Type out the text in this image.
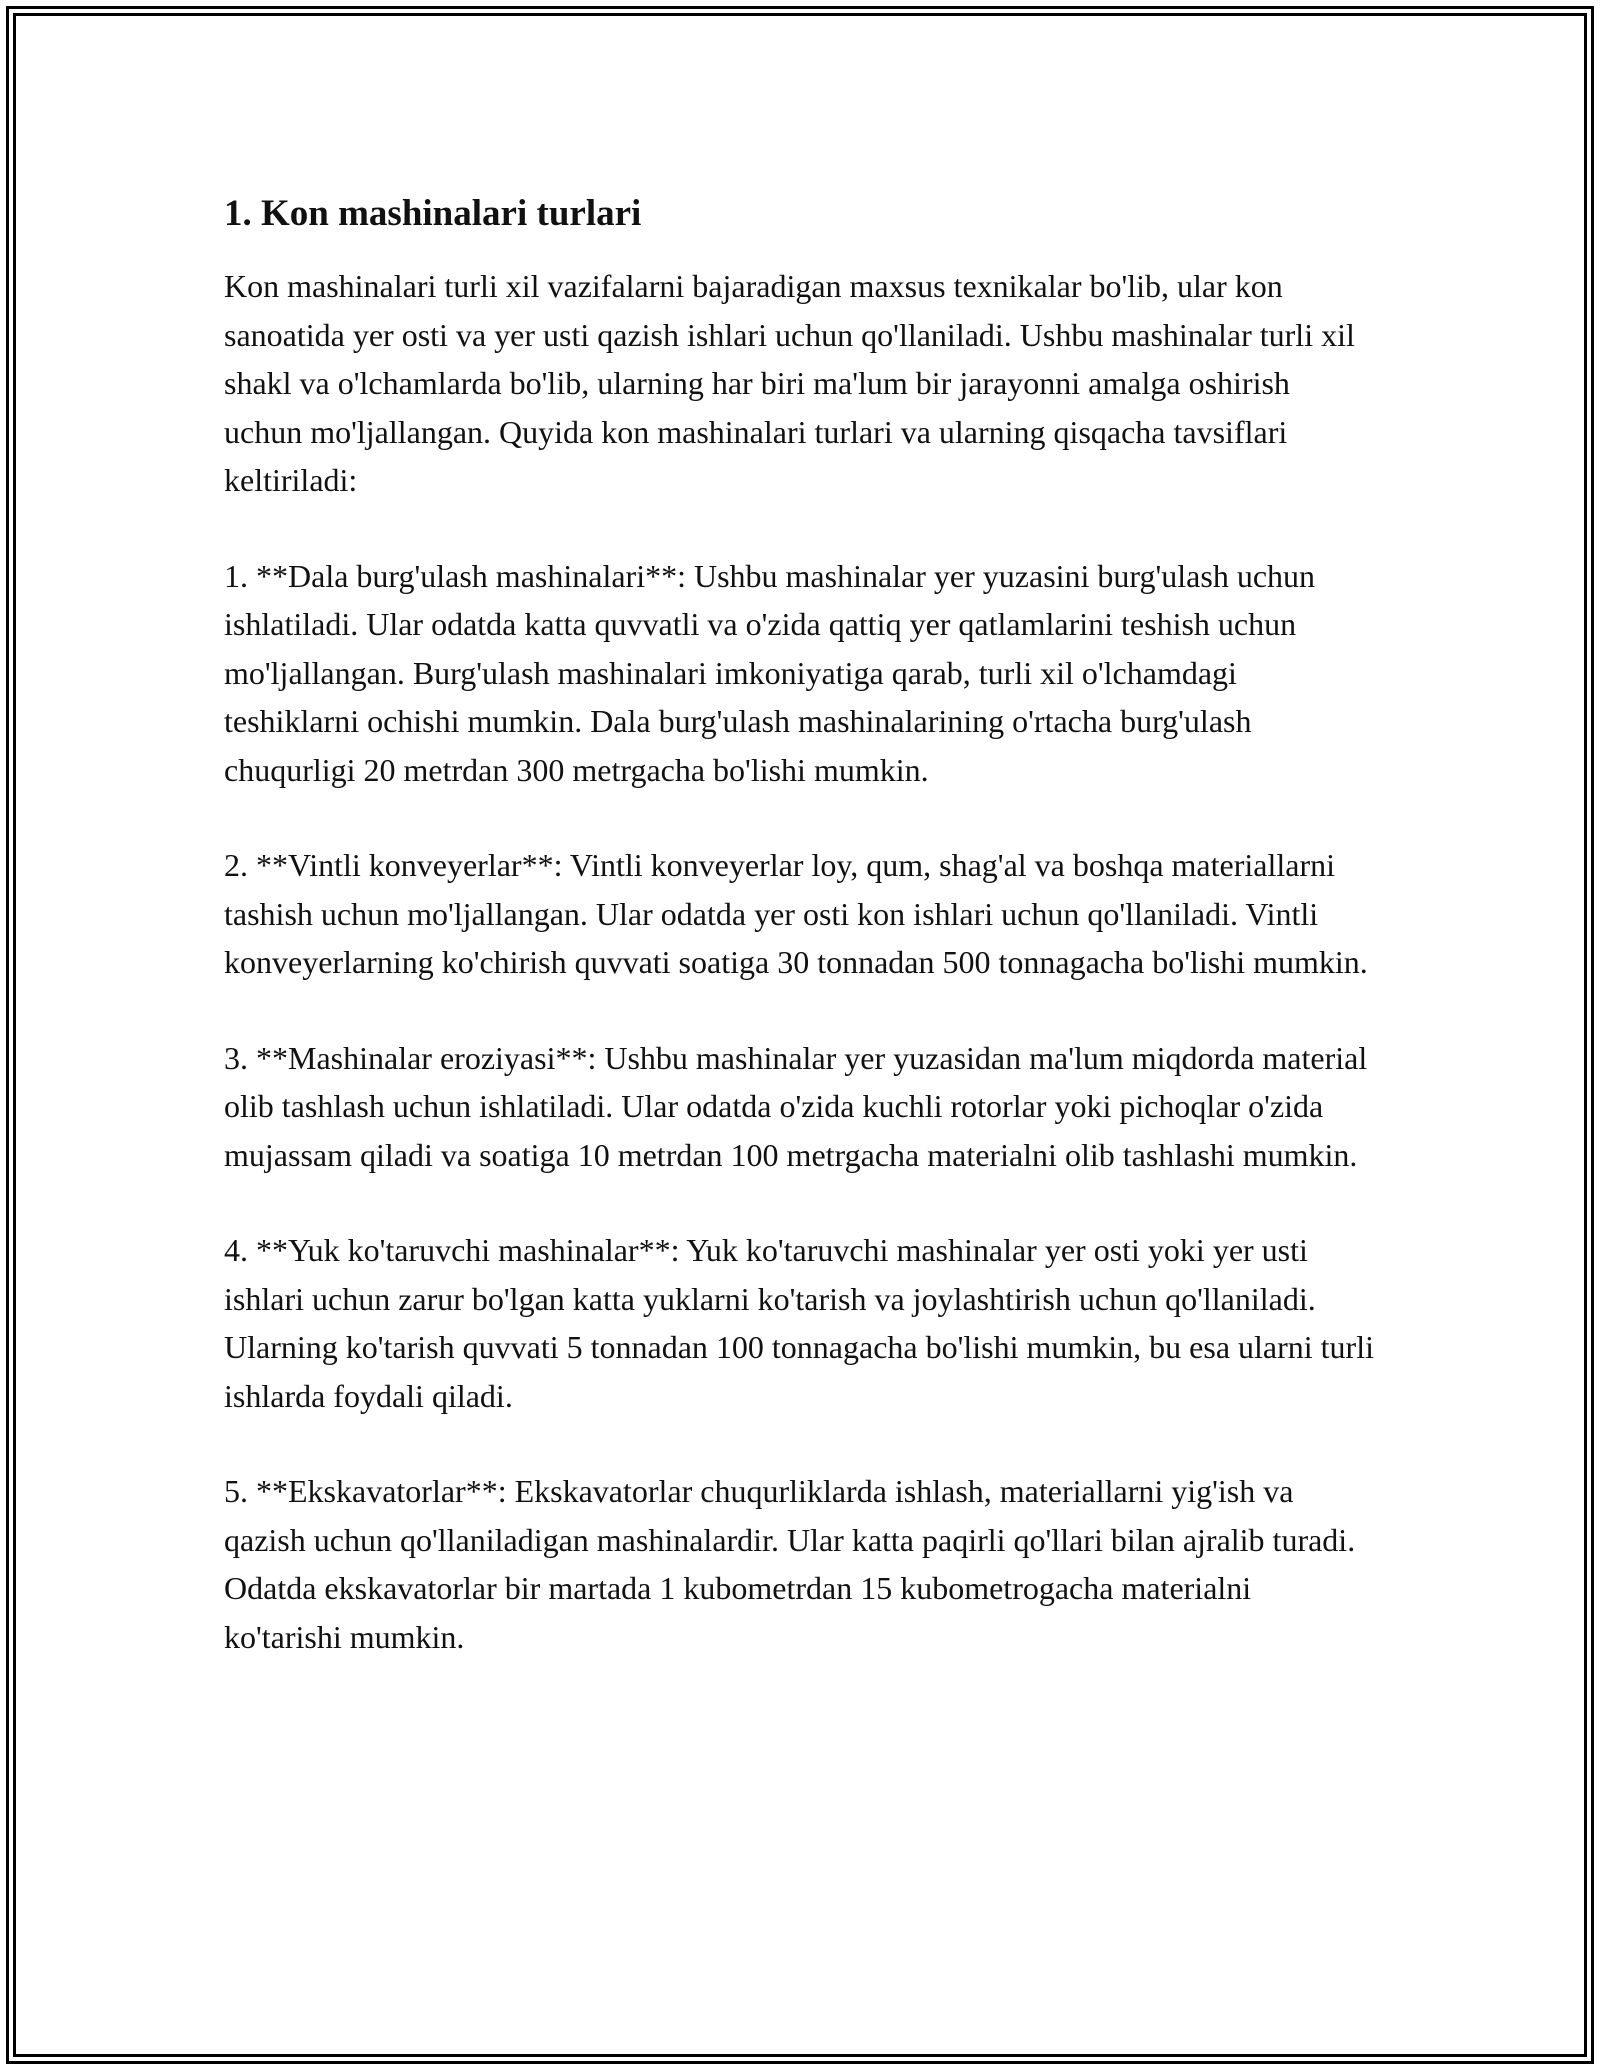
1. Kon mashinalari turlari

Kon mashinalari turli xil vazifalarni bajaradigan maxsus texnikalar bo'lib, ular kon sanoatida yer osti va yer usti qazish ishlari uchun qo'llaniladi. Ushbu mashinalar turli xil shakl va o'lchamlarda bo'lib, ularning har biri ma'lum bir jarayonni amalga oshirish uchun mo'ljallangan. Quyida kon mashinalari turlari va ularning qisqacha tavsiflari keltiriladi:

1. **Dala burg'ulash mashinalari**: Ushbu mashinalar yer yuzasini burg'ulash uchun ishlatiladi. Ular odatda katta quvvatli va o'zida qattiq yer qatlamlarini teshish uchun mo'ljallangan. Burg'ulash mashinalari imkoniyatiga qarab, turli xil o'lchamdagi teshiklarni ochishi mumkin. Dala burg'ulash mashinalarining o'rtacha burg'ulash chuqurligi 20 metrdan 300 metrgacha bo'lishi mumkin.

2. **Vintli konveyerlar**: Vintli konveyerlar loy, qum, shag'al va boshqa materiallarni tashish uchun mo'ljallangan. Ular odatda yer osti kon ishlari uchun qo'llaniladi. Vintli konveyerlarning ko'chirish quvvati soatiga 30 tonnadan 500 tonnagacha bo'lishi mumkin.

3. **Mashinalar eroziyasi**: Ushbu mashinalar yer yuzasidan ma'lum miqdorda material olib tashlash uchun ishlatiladi. Ular odatda o'zida kuchli rotorlar yoki pichoqlar o'zida mujassam qiladi va soatiga 10 metrdan 100 metrgacha materialni olib tashlashi mumkin.

4. **Yuk ko'taruvchi mashinalar**: Yuk ko'taruvchi mashinalar yer osti yoki yer usti ishlari uchun zarur bo'lgan katta yuklarni ko'tarish va joylashtirish uchun qo'llaniladi. Ularning ko'tarish quvvati 5 tonnadan 100 tonnagacha bo'lishi mumkin, bu esa ularni turli ishlarda foydali qiladi.

5. **Ekskavatorlar**: Ekskavatorlar chuqurliklarda ishlash, materiallarni yig'ish va qazish uchun qo'llaniladigan mashinalardir. Ular katta paqirli qo'llari bilan ajralib turadi. Odatda ekskavatorlar bir martada 1 kubometrdan 15 kubometrogacha materialni ko'tarishi mumkin.
